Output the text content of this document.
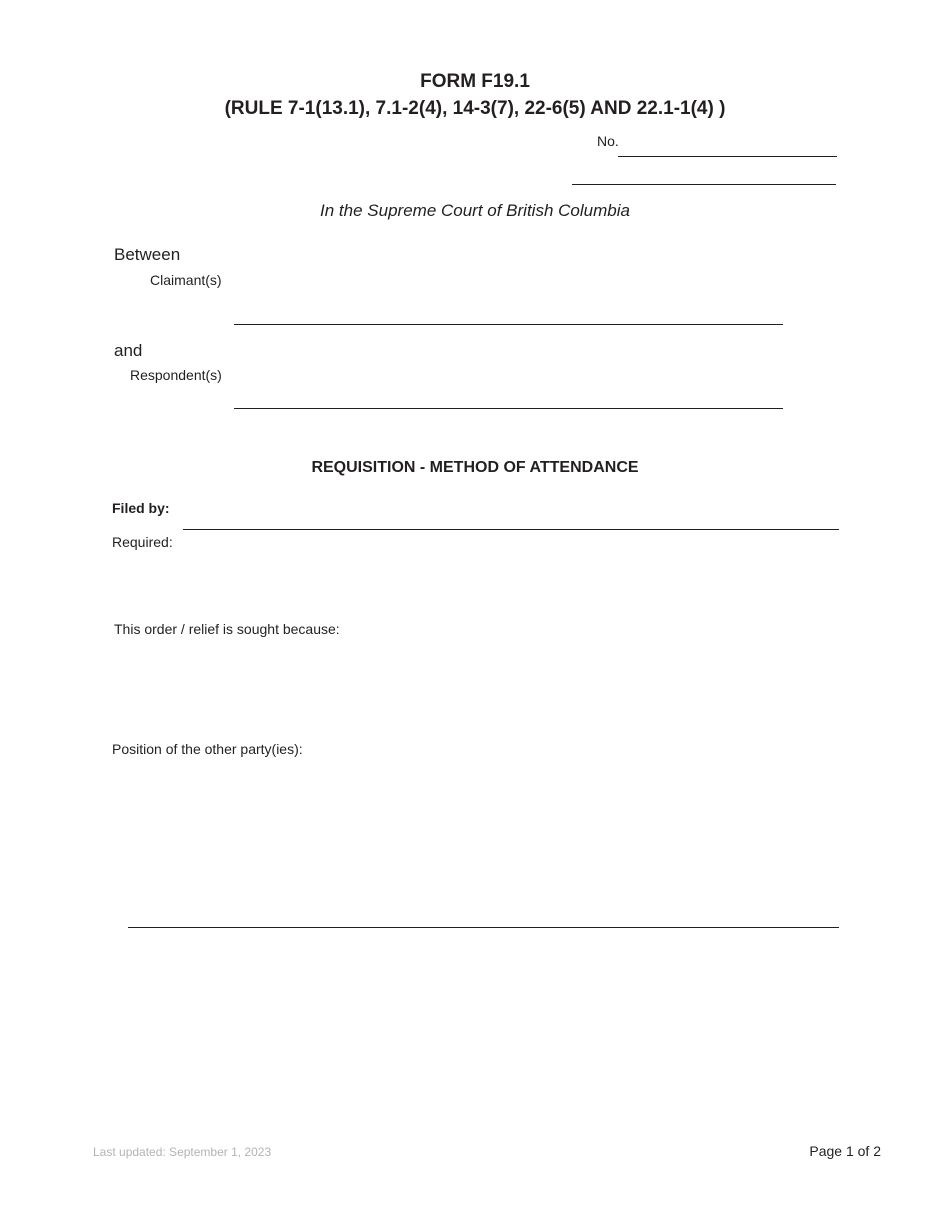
FORM F19.1
(RULE 7-1(13.1), 7.1-2(4), 14-3(7), 22-6(5) AND 22.1-1(4) )
No.
In the Supreme Court of British Columbia
Between
Claimant(s)
and
Respondent(s)
REQUISITION - METHOD OF ATTENDANCE
Filed by:
Required:
This order / relief is sought because:
Position of the other party(ies):
Last updated: September 1, 2023	Page 1 of 2
